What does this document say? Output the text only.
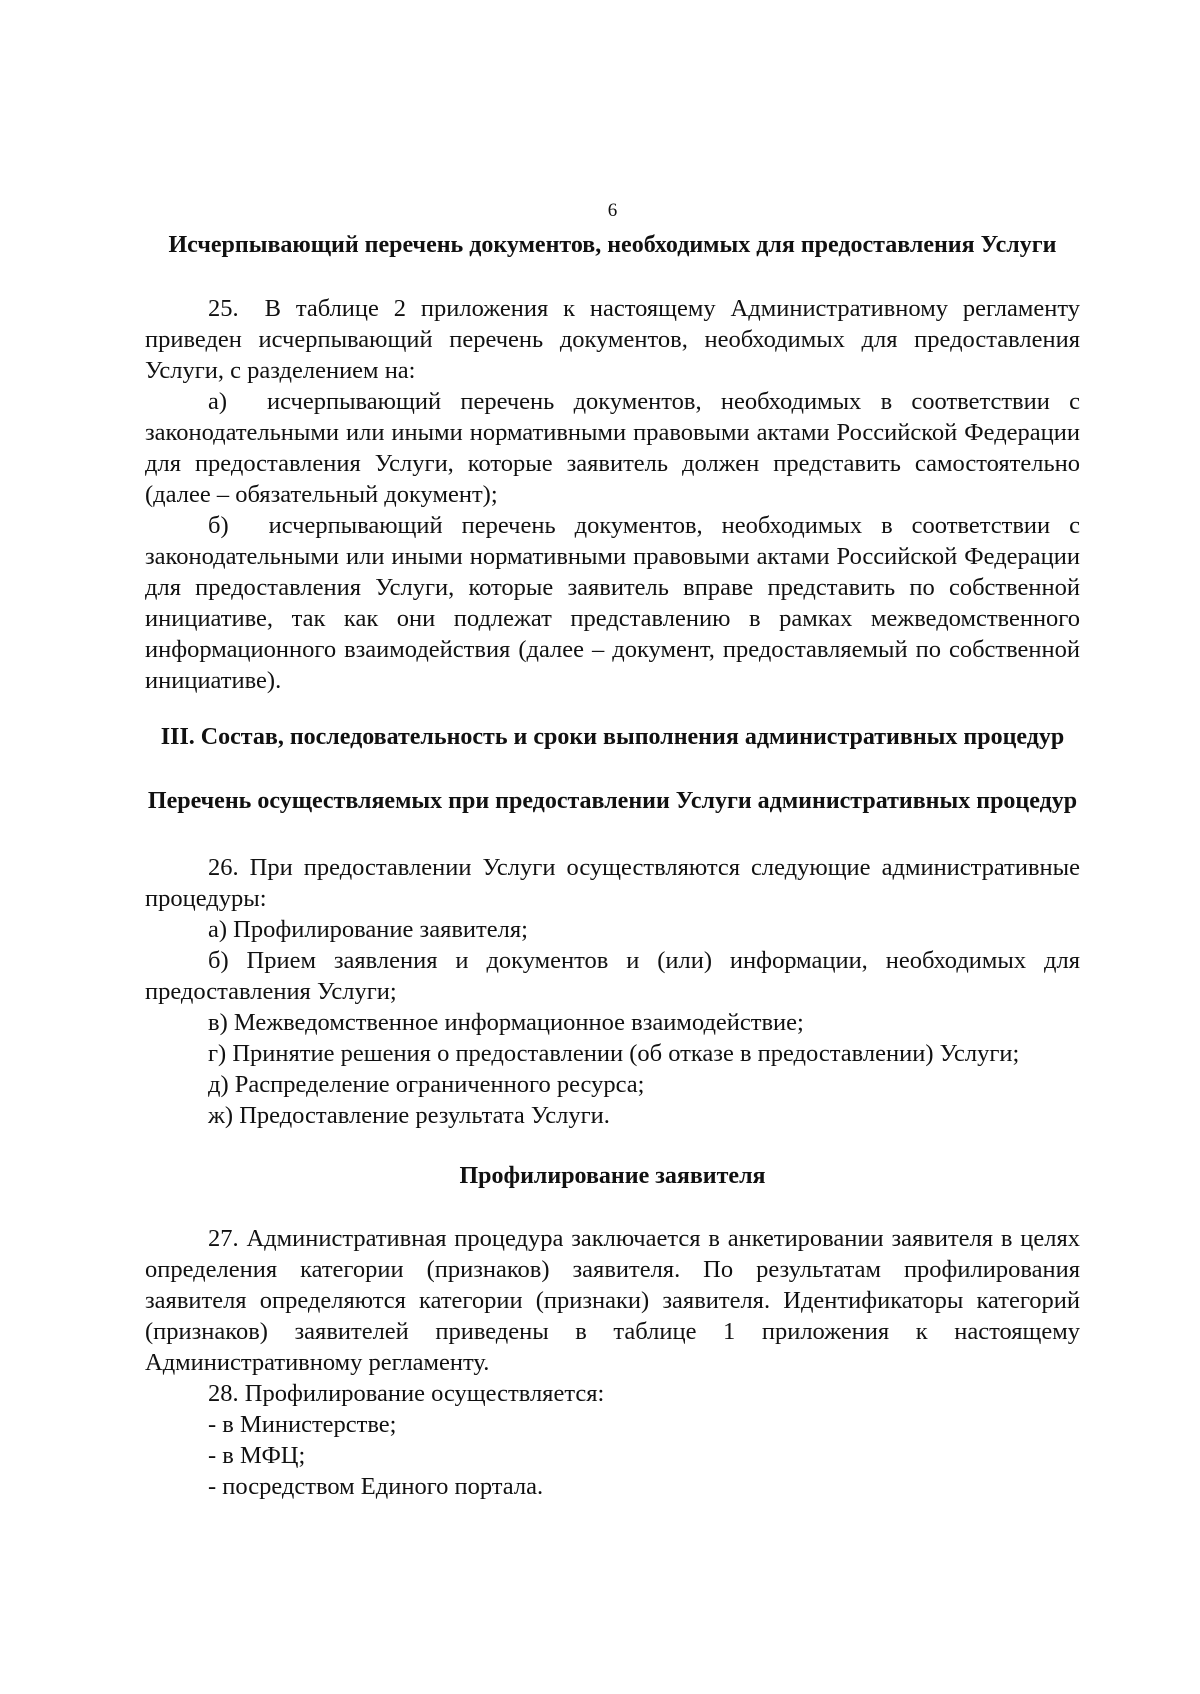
6
Исчерпывающий перечень документов, необходимых для предоставления Услуги

25. В таблице 2 приложения к настоящему Административному регламенту приведен исчерпывающий перечень документов, необходимых для предоставления Услуги, с разделением на:

а) исчерпывающий перечень документов, необходимых в соответствии с законодательными или иными нормативными правовыми актами Российской Федерации для предоставления Услуги, которые заявитель должен представить самостоятельно (далее – обязательный документ);

б) исчерпывающий перечень документов, необходимых в соответствии с законодательными или иными нормативными правовыми актами Российской Федерации для предоставления Услуги, которые заявитель вправе представить по собственной инициативе, так как они подлежат представлению в рамках межведомственного информационного взаимодействия (далее – документ, предоставляемый по собственной инициативе).

III. Состав, последовательность и сроки выполнения административных процедур
Перечень осуществляемых при предоставлении Услуги административных процедур

26. При предоставлении Услуги осуществляются следующие административные процедуры:

а) Профилирование заявителя;

б) Прием заявления и документов и (или) информации, необходимых для предоставления Услуги;

в) Межведомственное информационное взаимодействие;

г) Принятие решения о предоставлении (об отказе в предоставлении) Услуги;

д) Распределение ограниченного ресурса;

ж) Предоставление результата Услуги.

Профилирование заявителя

27. Административная процедура заключается в анкетировании заявителя в целях определения категории (признаков) заявителя. По результатам профилирования заявителя определяются категории (признаки) заявителя. Идентификаторы категорий (признаков) заявителей приведены в таблице 1 приложения к настоящему Административному регламенту.

28. Профилирование осуществляется:

- в Министерстве;

- в МФЦ;

- посредством Единого портала.
